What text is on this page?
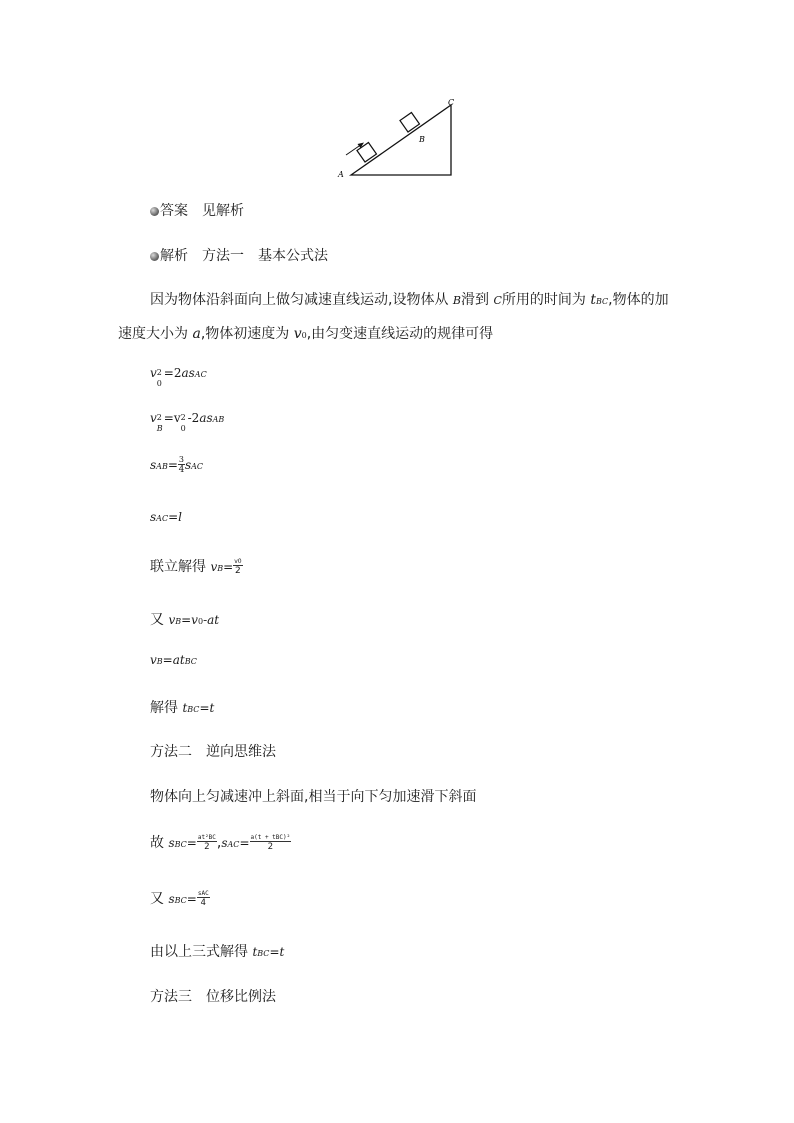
A
B
C
答案　 见解析
解析　 方法一　基本公式法
因为物体沿斜面向上做匀减速直线运动,设物体从 B滑到 C所用的时间为 tBC,物体的加
速度大小为 a,物体初速度为 v0,由匀变速直线运动的规律可得
v 2
0
=2asAC
v 2
B
=v 2
0
-2asAB
$sAB= \frac{3}{4}$ sAC
sAC=l
联立解得 $vB= \frac{v0}{2}$
又 vB=v0-at
vB=atBC
解得 tBC=t
方法二　逆向思维法
物体向上匀减速冲上斜面,相当于向下匀加速滑下斜面
故 $sBC= \frac{\text{at²BC}}{2} ,sAC= \frac{\text{a(t + tBC)²}}{2}$
又 $sBC= \frac{\text{sAC}}{4}$
由以上三式解得 tBC=t
方法三　位移比例法
